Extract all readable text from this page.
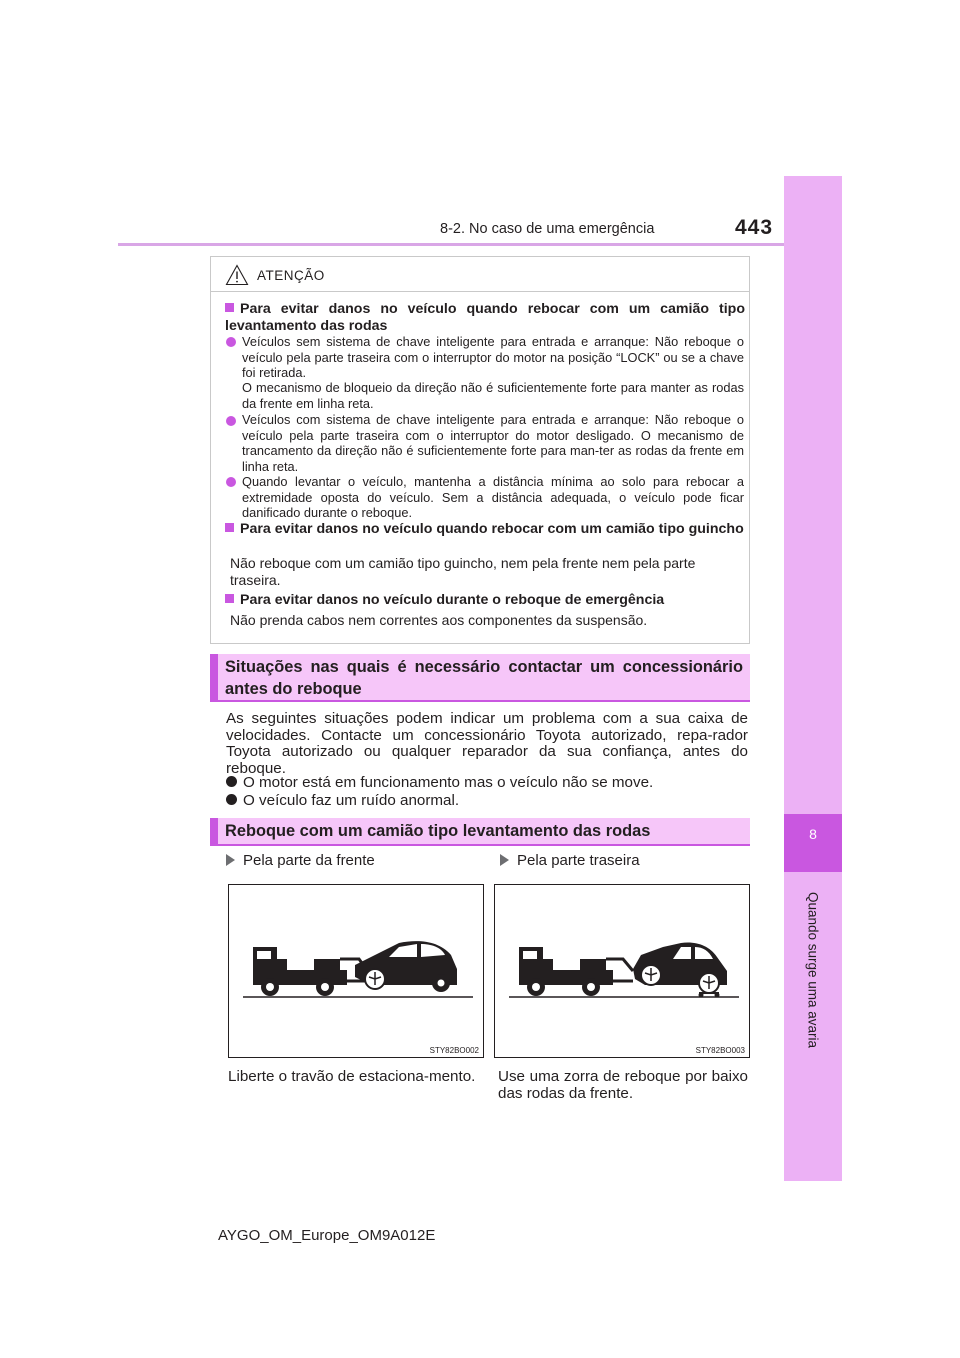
8-2. No caso de uma emergência	443
8
Quando surge uma avaria
ATENÇÃO
Para evitar danos no veículo quando rebocar com um camião tipo levantamento das rodas
Veículos sem sistema de chave inteligente para entrada e arranque: Não reboque o veículo pela parte traseira com o interruptor do motor na posição “LOCK” ou se a chave foi retirada.
O mecanismo de bloqueio da direção não é suficientemente forte para manter as rodas da frente em linha reta.
Veículos com sistema de chave inteligente para entrada e arranque: Não reboque o veículo pela parte traseira com o interruptor do motor desligado. O mecanismo de trancamento da direção não é suficientemente forte para man-ter as rodas da frente em linha reta.
Quando levantar o veículo, mantenha a distância mínima ao solo para rebocar a extremidade oposta do veículo. Sem a distância adequada, o veículo pode ficar danificado durante o reboque.
Para evitar danos no veículo quando rebocar com um camião tipo guincho
Não reboque com um camião tipo guincho, nem pela frente nem pela parte traseira.
Para evitar danos no veículo durante o reboque de emergência
Não prenda cabos nem correntes aos componentes da suspensão.
Situações nas quais é necessário contactar um concessionário antes do reboque
As seguintes situações podem indicar um problema com a sua caixa de velocidades. Contacte um concessionário Toyota autorizado, repa-rador Toyota autorizado ou qualquer reparador da sua confiança, antes do reboque.
O motor está em funcionamento mas o veículo não se move.
O veículo faz um ruído anormal.
Reboque com um camião tipo levantamento das rodas
Pela parte da frente	Pela parte traseira
STY82BO002	STY82BO003
Liberte o travão de estaciona-mento. Use uma zorra de reboque por baixo das rodas da frente.
AYGO_OM_Europe_OM9A012E
